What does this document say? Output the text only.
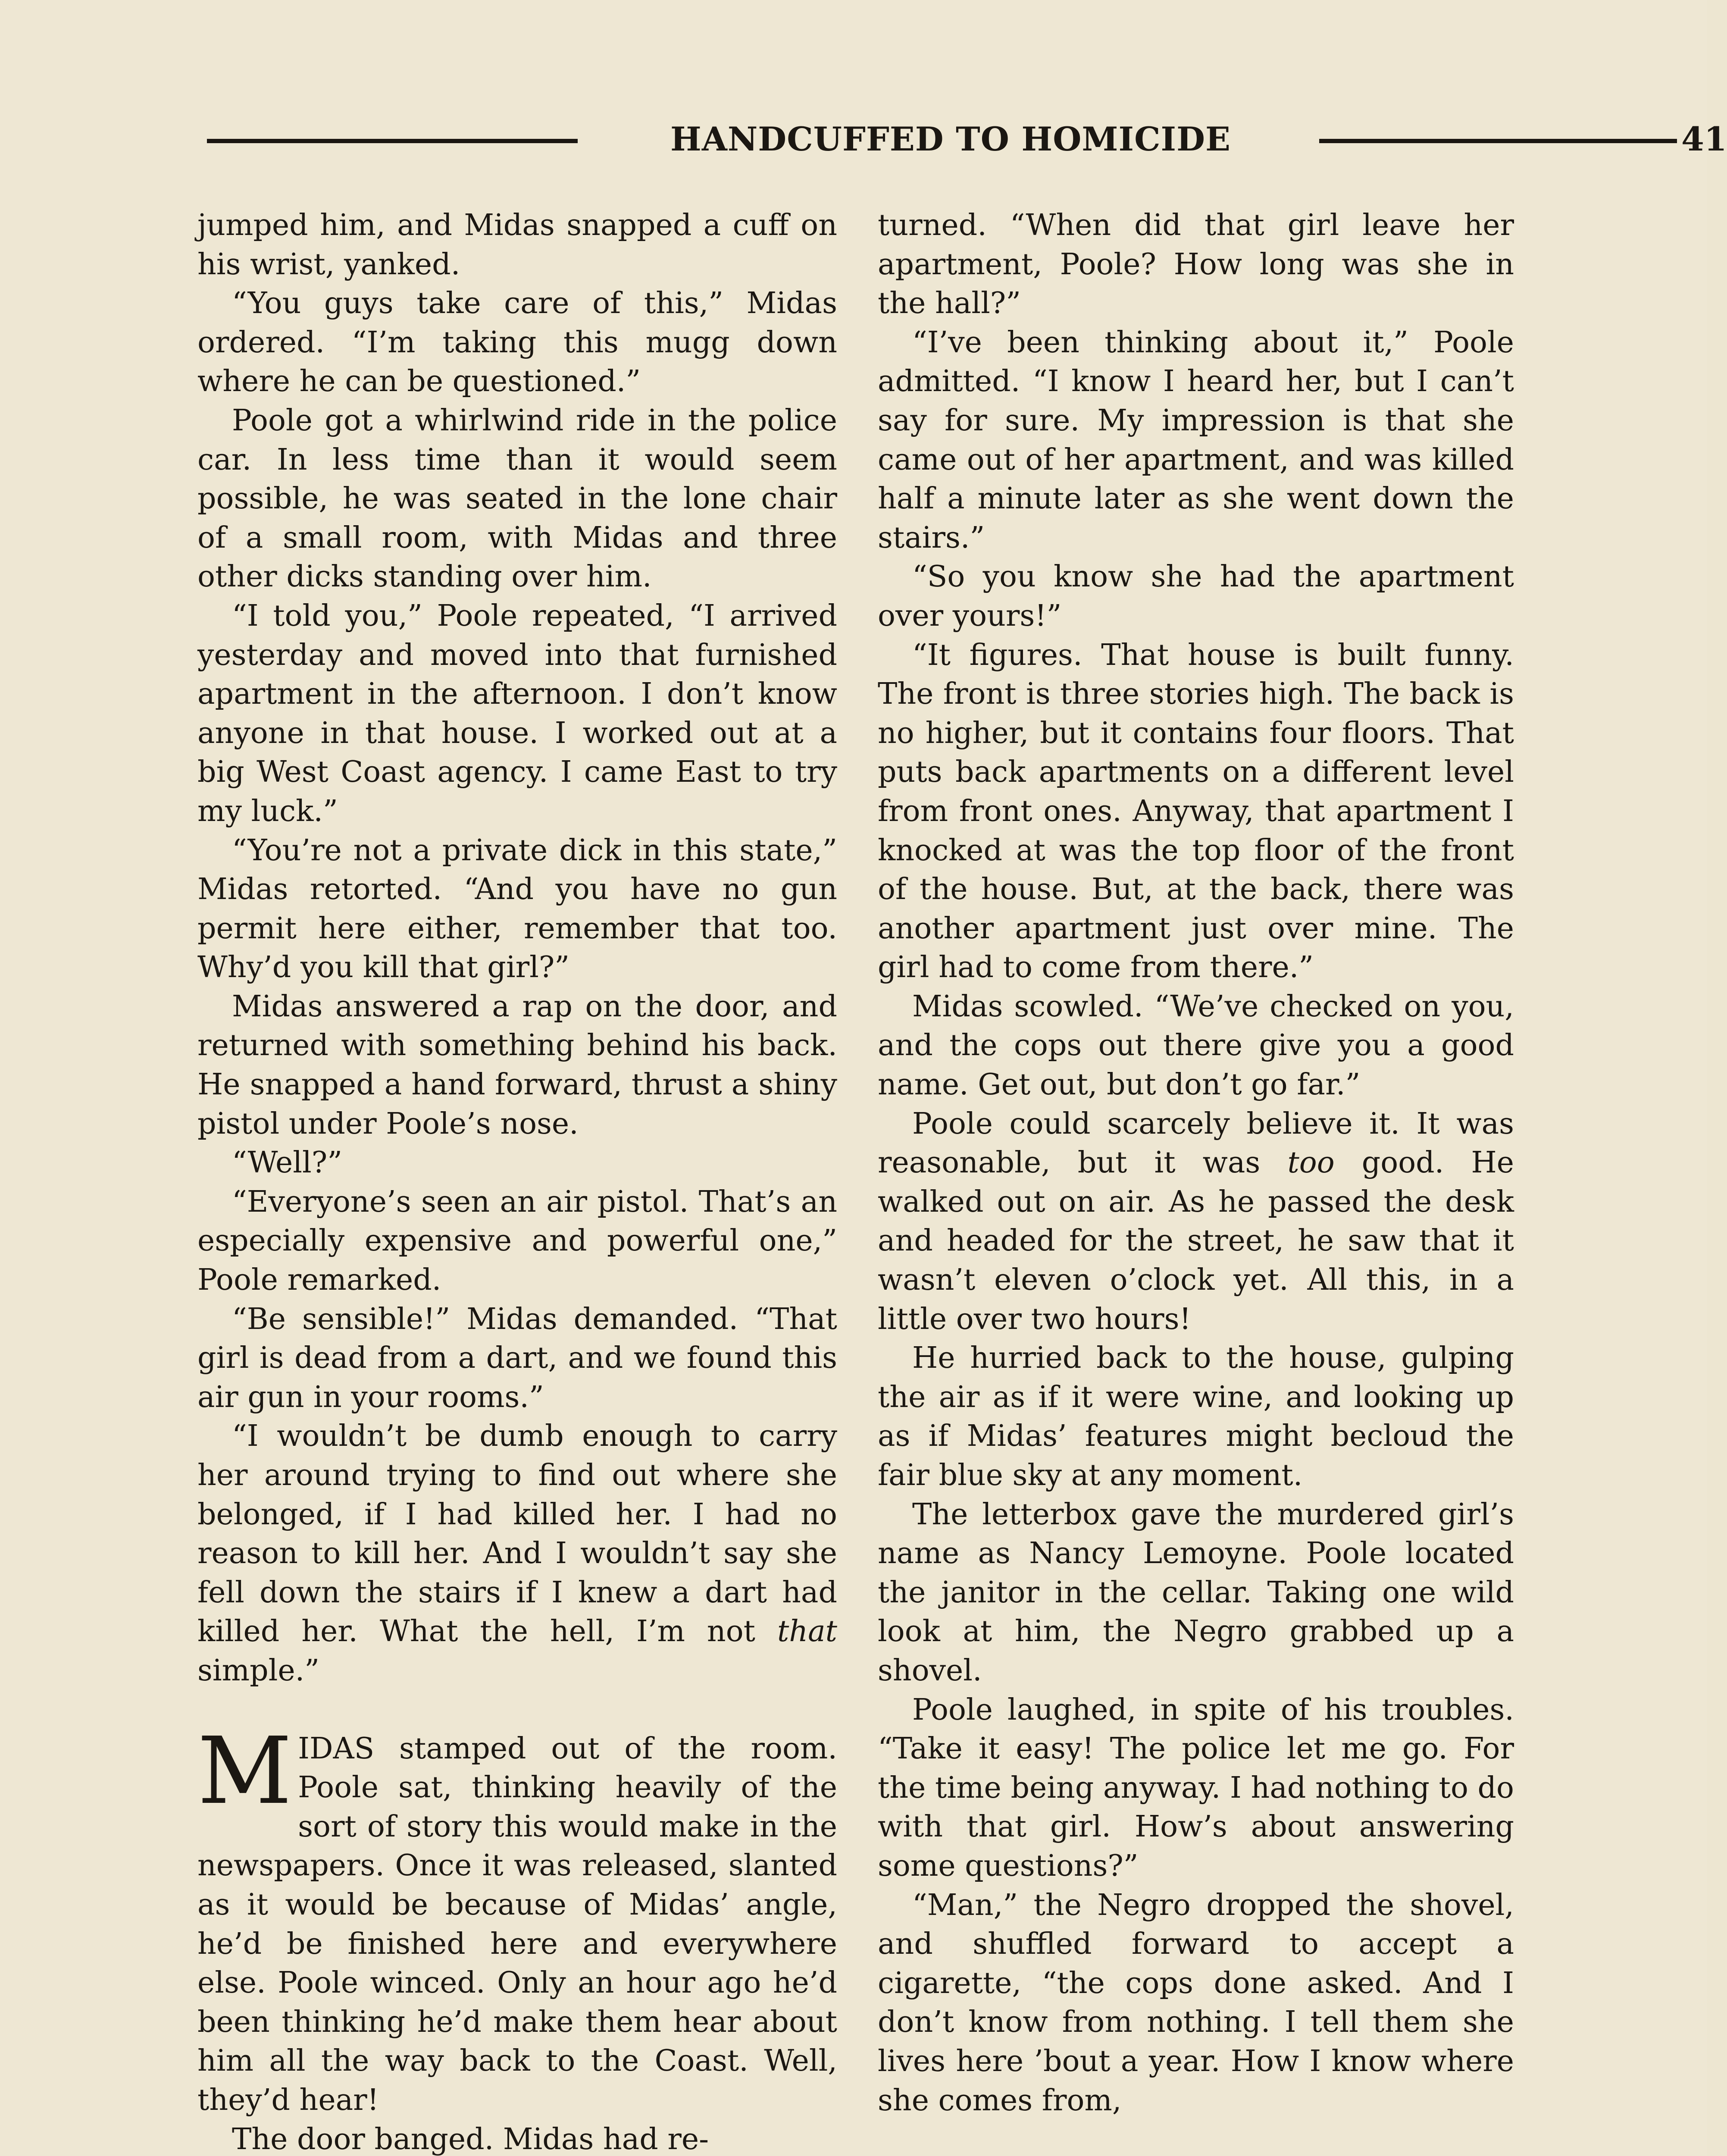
HANDCUFFED TO HOMICIDE	41

jumped him, and Midas snapped a cuff on his wrist, yanked.

“You guys take care of this,” Midas ordered. “I’m taking this mugg down where he can be questioned.”

Poole got a whirlwind ride in the police car. In less time than it would seem possible, he was seated in the lone chair of a small room, with Midas and three other dicks standing over him.

“I told you,” Poole repeated, “I arrived yesterday and moved into that furnished apartment in the afternoon. I don’t know anyone in that house. I worked out at a big West Coast agency. I came East to try my luck.”

“You’re not a private dick in this state,” Midas retorted. “And you have no gun permit here either, remember that too. Why’d you kill that girl?”

Midas answered a rap on the door, and returned with something behind his back. He snapped a hand forward, thrust a shiny pistol under Poole’s nose.

“Well?”

“Everyone’s seen an air pistol. That’s an especially expensive and powerful one,” Poole remarked.

“Be sensible!” Midas demanded. “That girl is dead from a dart, and we found this air gun in your rooms.”

“I wouldn’t be dumb enough to carry her around trying to find out where she belonged, if I had killed her. I had no reason to kill her. And I wouldn’t say she fell down the stairs if I knew a dart had killed her. What the hell, I’m not that simple.”

MIDAS stamped out of the room. Poole sat, thinking heavily of the sort of story this would make in the newspapers. Once it was released, slanted as it would be because of Midas’ angle, he’d be finished here and everywhere else. Poole winced. Only an hour ago he’d been thinking he’d make them hear about him all the way back to the Coast. Well, they’d hear!

The door banged. Midas had re-

turned. “When did that girl leave her apartment, Poole? How long was she in the hall?”

“I’ve been thinking about it,” Poole admitted. “I know I heard her, but I can’t say for sure. My impression is that she came out of her apartment, and was killed half a minute later as she went down the stairs.”

“So you know she had the apartment over yours!”

“It figures. That house is built funny. The front is three stories high. The back is no higher, but it contains four floors. That puts back apartments on a different level from front ones. Anyway, that apartment I knocked at was the top floor of the front of the house. But, at the back, there was another apartment just over mine. The girl had to come from there.”

Midas scowled. “We’ve checked on you, and the cops out there give you a good name. Get out, but don’t go far.”

Poole could scarcely believe it. It was reasonable, but it was too good. He walked out on air. As he passed the desk and headed for the street, he saw that it wasn’t eleven o’clock yet. All this, in a little over two hours!

He hurried back to the house, gulping the air as if it were wine, and looking up as if Midas’ features might becloud the fair blue sky at any moment.

The letterbox gave the murdered girl’s name as Nancy Lemoyne. Poole located the janitor in the cellar. Taking one wild look at him, the Negro grabbed up a shovel.

Poole laughed, in spite of his troubles. “Take it easy! The police let me go. For the time being anyway. I had nothing to do with that girl. How’s about answering some questions?”

“Man,” the Negro dropped the shovel, and shuffled forward to accept a cigarette, “the cops done asked. And I don’t know from nothing. I tell them she lives here ’bout a year. How I know where she comes from,
